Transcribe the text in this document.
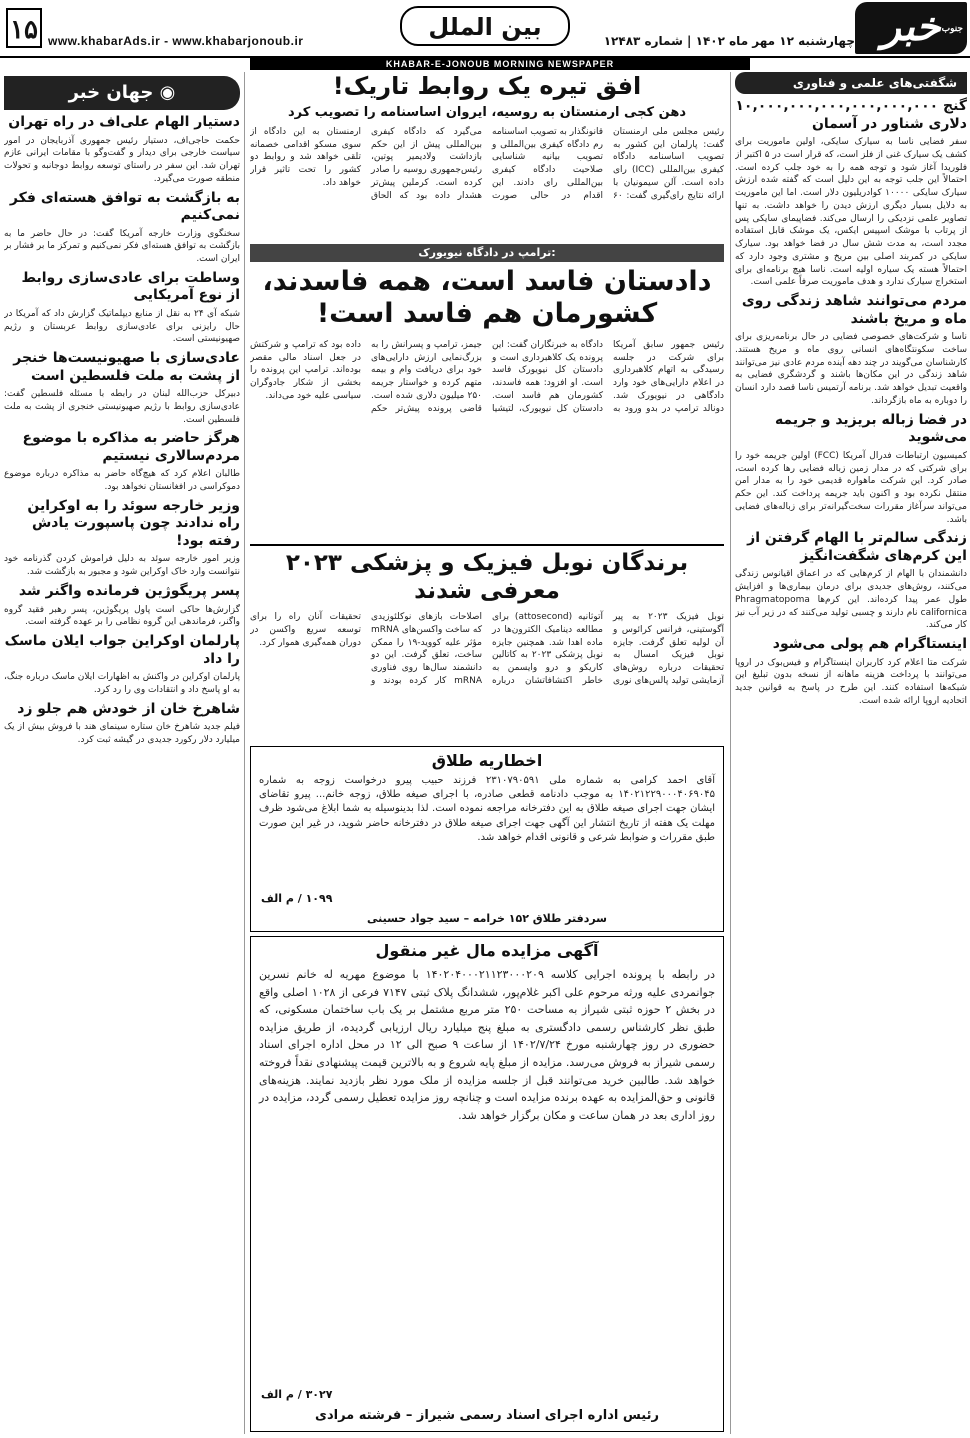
۱۵ www.khabarAds.ir - www.khabarjonoub.ir	بین الملل	چهارشنبه ۱۲ مهر ماه ۱۴۰۲ | شماره ۱۲۴۸۳
جنوب
خبر
KHABAR-E-JONOUB MORNING NEWSPAPER
شگفتی‌های علمی و فناوری
گنج ۱۰,۰۰۰,۰۰۰,۰۰۰,۰۰۰,۰۰۰,۰۰۰ دلاری شناور در آسمان
سفر فضایی ناسا به سیارک سایکی، اولین ماموریت برای کشف یک سیارک غنی از فلز است، که قرار است در ۵ اکتبر از فلوریدا آغاز شود و توجه همه را به خود جلب کرده است. احتمالاً این جلب توجه به این دلیل است که گفته شده ارزش سیارک سایکی ۱۰۰۰۰ کوادریلیون دلار است. اما این ماموریت به دلایل بسیار دیگری ارزش دیدن را خواهد داشت. به تنها تصاویر علمی نزدیکی را ارسال می‌کند. فضاپیمای سایکی پس از پرتاب با موشک اسپیس ایکس، یک موشک قابل استفاده مجدد است، به مدت شش سال در فضا خواهد بود. سیارک سایکی در کمربند اصلی بین مریخ و مشتری وجود دارد که احتمالاً هسته یک سیاره اولیه است. ناسا هیچ برنامه‌ای برای استخراج سیارک ندارد و هدف ماموریت صرفاً علمی است.
مردم می‌توانند شاهد زندگی روی ماه و مریخ باشند
ناسا و شرکت‌های خصوصی فضایی در حال برنامه‌ریزی برای ساخت سکونتگاه‌های انسانی روی ماه و مریخ هستند. کارشناسان می‌گویند در چند دهه آینده مردم عادی نیز می‌توانند شاهد زندگی در این مکان‌ها باشند و گردشگری فضایی به واقعیت تبدیل خواهد شد. برنامه آرتمیس ناسا قصد دارد انسان را دوباره به ماه بازگرداند.
در فضا زباله بریزید و جریمه می‌شوید
کمیسیون ارتباطات فدرال آمریکا (FCC) اولین جریمه خود را برای شرکتی که در مدار زمین زباله فضایی رها کرده است، صادر کرد. این شرکت ماهواره قدیمی خود را به مدار امن منتقل نکرده بود و اکنون باید جریمه پرداخت کند. این حکم می‌تواند سرآغاز مقررات سخت‌گیرانه‌تر برای زباله‌های فضایی باشد.
زندگی سالم‌تر با الهام گرفتن از این کرم‌های شگفت‌انگیز
دانشمندان با الهام از کرم‌هایی که در اعماق اقیانوس زندگی می‌کنند، روش‌های جدیدی برای درمان بیماری‌ها و افزایش طول عمر پیدا کرده‌اند. این کرم‌ها Phragmatopoma californica نام دارند و چسبی تولید می‌کنند که در زیر آب نیز کار می‌کند.
اینستاگرام هم پولی می‌شود
شرکت متا اعلام کرد کاربران اینستاگرام و فیس‌بوک در اروپا می‌توانند با پرداخت هزینه ماهانه از نسخه بدون تبلیغ این شبکه‌ها استفاده کنند. این طرح در پاسخ به قوانین جدید اتحادیه اروپا ارائه شده است.
افق تیره یک روابط تاریک!
دهن کجی ارمنستان به روسیه، ایروان اساسنامه را تصویب کرد
رئیس مجلس ملی ارمنستان گفت: پارلمان این کشور به تصویب اساسنامه دادگاه کیفری بین‌المللی (ICC) رای داده است. آلن سیمونیان با ارائه نتایج رای‌گیری گفت: ۶۰ قانونگذار به تصویب اساسنامه رم دادگاه کیفری بین‌المللی و تصویب بیانیه شناسایی صلاحیت دادگاه کیفری بین‌المللی رای دادند. این اقدام در حالی صورت می‌گیرد که دادگاه کیفری بین‌المللی پیش از این حکم بازداشت ولادیمیر پوتین، رئیس‌جمهوری روسیه را صادر کرده است. کرملین پیش‌تر هشدار داده بود که الحاق ارمنستان به این دادگاه از سوی مسکو اقدامی خصمانه تلقی خواهد شد و روابط دو کشور را تحت تاثیر قرار خواهد داد.
ترامپ در دادگاه نیویورک:
دادستان فاسد است، همه فاسدند، کشورمان هم فاسد است!
رئیس جمهور سابق آمریکا برای شرکت در جلسه رسیدگی به اتهام کلاهبرداری در اعلام دارایی‌های خود وارد دادگاهی در نیویورک شد. دونالد ترامپ در بدو ورود به دادگاه به خبرنگاران گفت: این پرونده یک کلاهبرداری است و دادستان کل نیویورک فاسد است. او افزود: همه فاسدند، کشورمان هم فاسد است. دادستان کل نیویورک، لتیشیا جیمز، ترامپ و پسرانش را به بزرگ‌نمایی ارزش دارایی‌های خود برای دریافت وام و بیمه متهم کرده و خواستار جریمه ۲۵۰ میلیون دلاری شده است. قاضی پرونده پیش‌تر حکم داده بود که ترامپ و شرکتش در جعل اسناد مالی مقصر بوده‌اند. ترامپ این پرونده را بخشی از شکار جادوگران سیاسی علیه خود می‌داند.
برندگان نوبل فیزیک و پزشکی ۲۰۲۳ معرفی شدند
نوبل فیزیک ۲۰۲۳ به پیر آگوستینی، فرانس کرائوس و آن لولیه تعلق گرفت. جایزه نوبل فیزیک امسال به تحقیقات درباره روش‌های آزمایشی تولید پالس‌های نوری آتوثانیه (attosecond) برای مطالعه دینامیک الکترون‌ها در ماده اهدا شد. همچنین جایزه نوبل پزشکی ۲۰۲۳ به کاتالین کاریکو و درو وایسمن به خاطر اکتشافاتشان درباره اصلاحات بازهای نوکلئوزیدی که ساخت واکسن‌های mRNA مؤثر علیه کووید-۱۹ را ممکن ساخت، تعلق گرفت. این دو دانشمند سال‌ها روی فناوری mRNA کار کرده بودند و تحقیقات آنان راه را برای توسعه سریع واکسن در دوران همه‌گیری هموار کرد.
اخطاریه طلاق
آقای احمد کرامی به شماره ملی ۲۳۱۰۷۹۰۵۹۱ فرزند حبیب پیرو درخواست زوجه به شماره ۱۴۰۲۱۲۲۹۰۰۰۴۰۶۹۰۴۵ به موجب دادنامه قطعی صادره، با اجرای صیغه طلاق، زوجه خانم... پیرو تقاضای ایشان جهت اجرای صیغه طلاق به این دفترخانه مراجعه نموده است. لذا بدینوسیله به شما ابلاغ می‌شود ظرف مهلت یک هفته از تاریخ انتشار این آگهی جهت اجرای صیغه طلاق در دفترخانه حاضر شوید، در غیر این صورت طبق مقررات و ضوابط شرعی و قانونی اقدام خواهد شد.
۱۰۹۹ / م الف
سردفتر طلاق ۱۵۲ خرامه – سید جواد حسینی
آگهی مزایده مال غیر منقول
در رابطه با پرونده اجرایی کلاسه ۱۴۰۲۰۴۰۰۰۲۱۱۲۳۰۰۰۲۰۹ با موضوع مهریه له خانم نسرین جوانمردی علیه ورثه مرحوم علی اکبر غلام‌پور، ششدانگ پلاک ثبتی ۷۱۴۷ فرعی از ۱۰۲۸ اصلی واقع در بخش ۲ حوزه ثبتی شیراز به مساحت ۲۵۰ متر مربع مشتمل بر یک باب ساختمان مسکونی، که طبق نظر کارشناس رسمی دادگستری به مبلغ پنج میلیارد ریال ارزیابی گردیده، از طریق مزایده حضوری در روز چهارشنبه مورخ ۱۴۰۲/۷/۲۴ از ساعت ۹ صبح الی ۱۲ در محل اداره اجرای اسناد رسمی شیراز به فروش می‌رسد. مزایده از مبلغ پایه شروع و به بالاترین قیمت پیشنهادی نقداً فروخته خواهد شد. طالبین خرید می‌توانند قبل از جلسه مزایده از ملک مورد نظر بازدید نمایند. هزینه‌های قانونی و حق‌المزایده به عهده برنده مزایده است و چنانچه روز مزایده تعطیل رسمی گردد، مزایده در روز اداری بعد در همان ساعت و مکان برگزار خواهد شد.
۳۰۲۷ / م الف
رئیس اداره اجرای اسناد رسمی شیراز – فرشته مرادی
◉ جهان خبر
دستیار الهام علی‌اف در راه تهران
حکمت حاجی‌اف، دستیار رئیس جمهوری آذربایجان در امور سیاست خارجی برای دیدار و گفت‌وگو با مقامات ایرانی عازم تهران شد. این سفر در راستای توسعه روابط دوجانبه و تحولات منطقه صورت می‌گیرد.
به بازگشت به توافق هسته‌ای فکر نمی‌کنیم
سخنگوی وزارت خارجه آمریکا گفت: در حال حاضر ما به بازگشت به توافق هسته‌ای فکر نمی‌کنیم و تمرکز ما بر فشار بر ایران است.
وساطت برای عادی‌سازی روابط از نوع آمریکایی
شبکه آی ۲۴ به نقل از منابع دیپلماتیک گزارش داد که آمریکا در حال رایزنی برای عادی‌سازی روابط عربستان و رژیم صهیونیستی است.
عادی‌سازی با صهیونیست‌ها خنجر از پشت به ملت فلسطین است
دبیرکل حزب‌الله لبنان در رابطه با مسئله فلسطین گفت: عادی‌سازی روابط با رژیم صهیونیستی خنجری از پشت به ملت فلسطین است.
هرگز حاضر به مذاکره با موضوع مردم‌سالاری نیستیم
طالبان اعلام کرد که هیچ‌گاه حاضر به مذاکره درباره موضوع دموکراسی در افغانستان نخواهد بود.
وزیر خارجه سوئد را به اوکراین راه ندادند چون پاسپورت یادش رفته بود!
وزیر امور خارجه سوئد به دلیل فراموش کردن گذرنامه خود نتوانست وارد خاک اوکراین شود و مجبور به بازگشت شد.
پسر پریگوژین فرمانده واگنر شد
گزارش‌ها حاکی است پاول پریگوژین، پسر رهبر فقید گروه واگنر، فرماندهی این گروه نظامی را بر عهده گرفته است.
پارلمان اوکراین جواب ایلان ماسک را داد
پارلمان اوکراین در واکنش به اظهارات ایلان ماسک درباره جنگ، به او پاسخ داد و انتقادات وی را رد کرد.
شاهرخ خان از خودش هم جلو زد
فیلم جدید شاهرخ خان ستاره سینمای هند با فروش بیش از یک میلیارد دلار رکورد جدیدی در گیشه ثبت کرد.
